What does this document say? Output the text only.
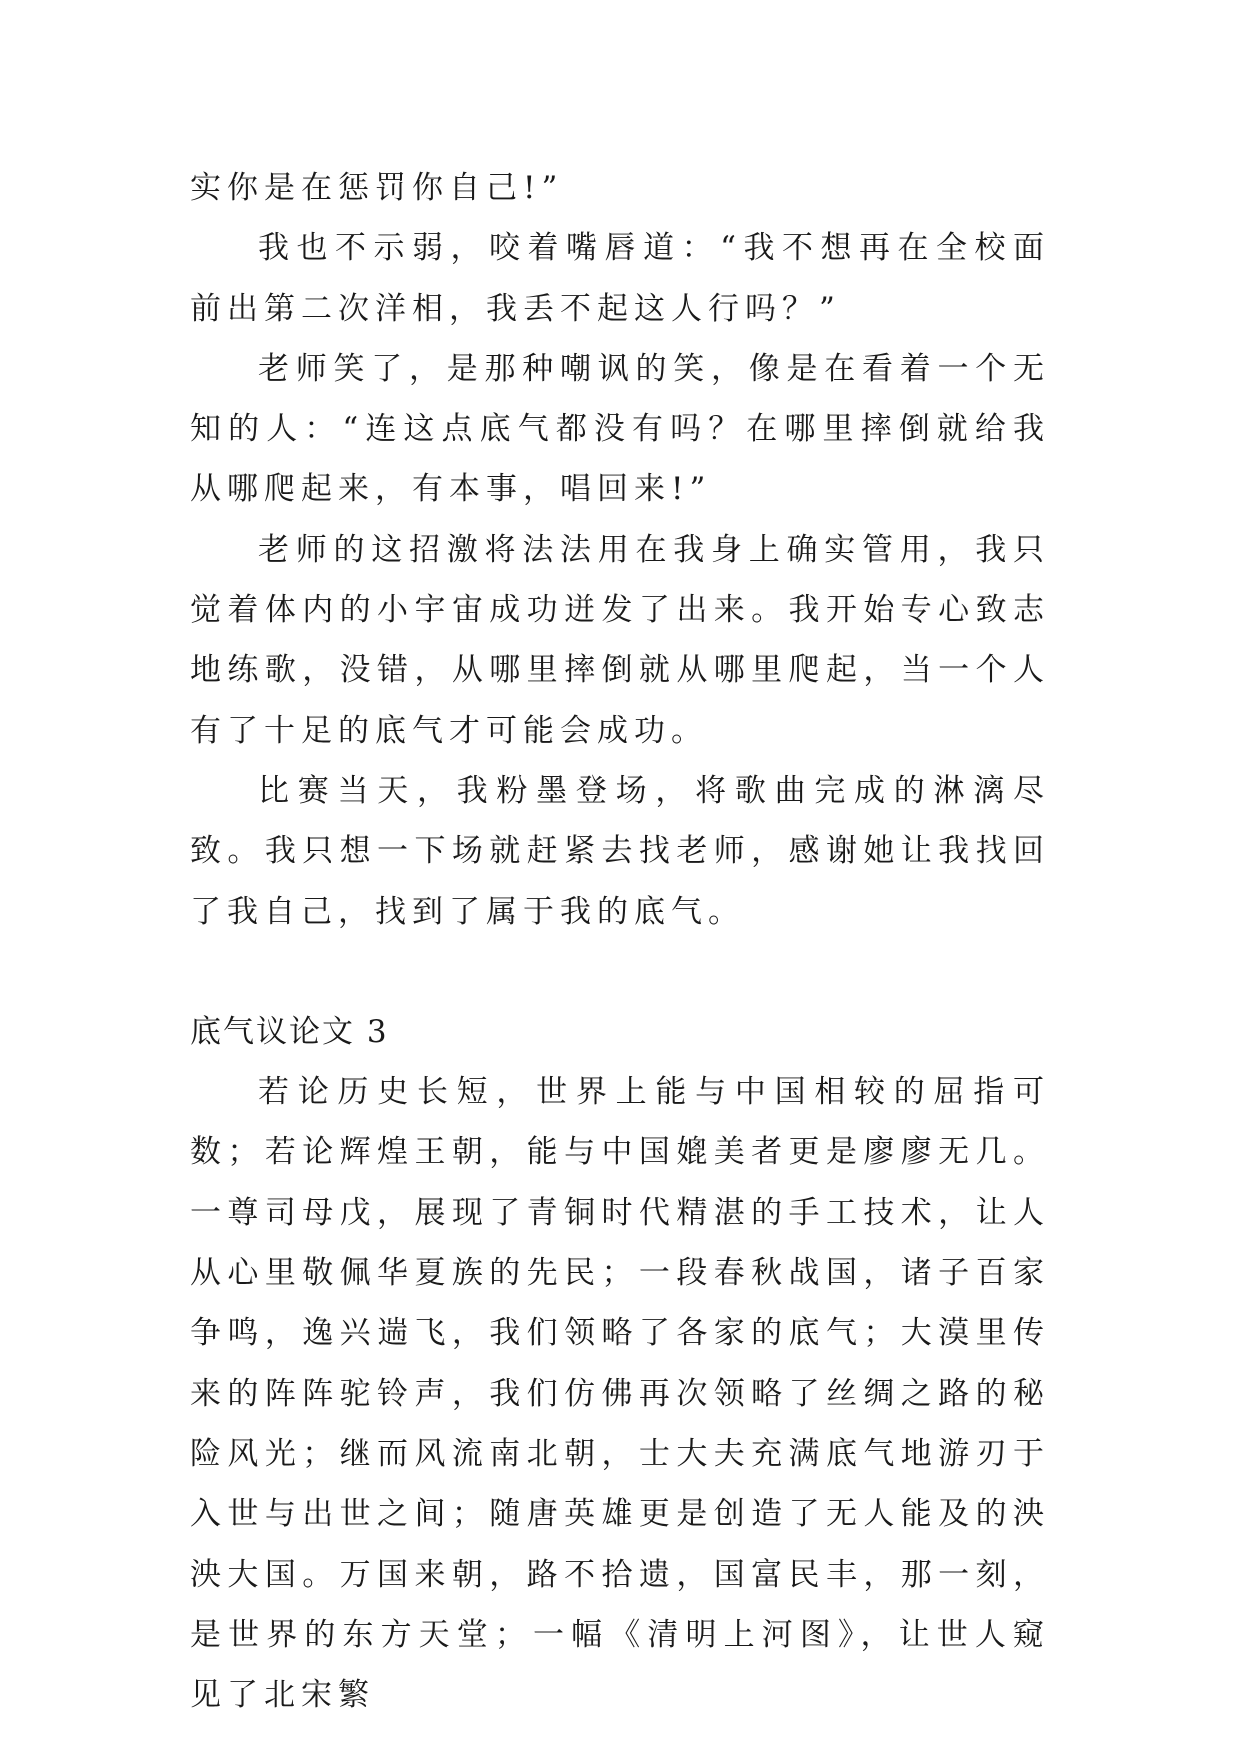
实你是在惩罚你自己!”

我也不示弱，咬着嘴唇道：“我不想再在全校面前出第二次洋相，我丢不起这人行吗？”

老师笑了，是那种嘲讽的笑，像是在看着一个无知的人：“连这点底气都没有吗？在哪里摔倒就给我从哪爬起来，有本事，唱回来!”

老师的这招激将法法用在我身上确实管用，我只觉着体内的小宇宙成功迸发了出来。我开始专心致志地练歌，没错，从哪里摔倒就从哪里爬起，当一个人有了十足的底气才可能会成功。

比赛当天，我粉墨登场，将歌曲完成的淋漓尽致。我只想一下场就赶紧去找老师，感谢她让我找回了我自己，找到了属于我的底气。

底气议论文 3

若论历史长短，世界上能与中国相较的屈指可数；若论辉煌王朝，能与中国媲美者更是廖廖无几。一尊司母戊，展现了青铜时代精湛的手工技术，让人从心里敬佩华夏族的先民；一段春秋战国，诸子百家争鸣，逸兴遄飞，我们领略了各家的底气；大漠里传来的阵阵驼铃声，我们仿佛再次领略了丝绸之路的秘险风光；继而风流南北朝，士大夫充满底气地游刃于入世与出世之间；随唐英雄更是创造了无人能及的泱泱大国。万国来朝，路不拾遗，国富民丰，那一刻，是世界的东方天堂；一幅《清明上河图》，让世人窥见了北宋繁
